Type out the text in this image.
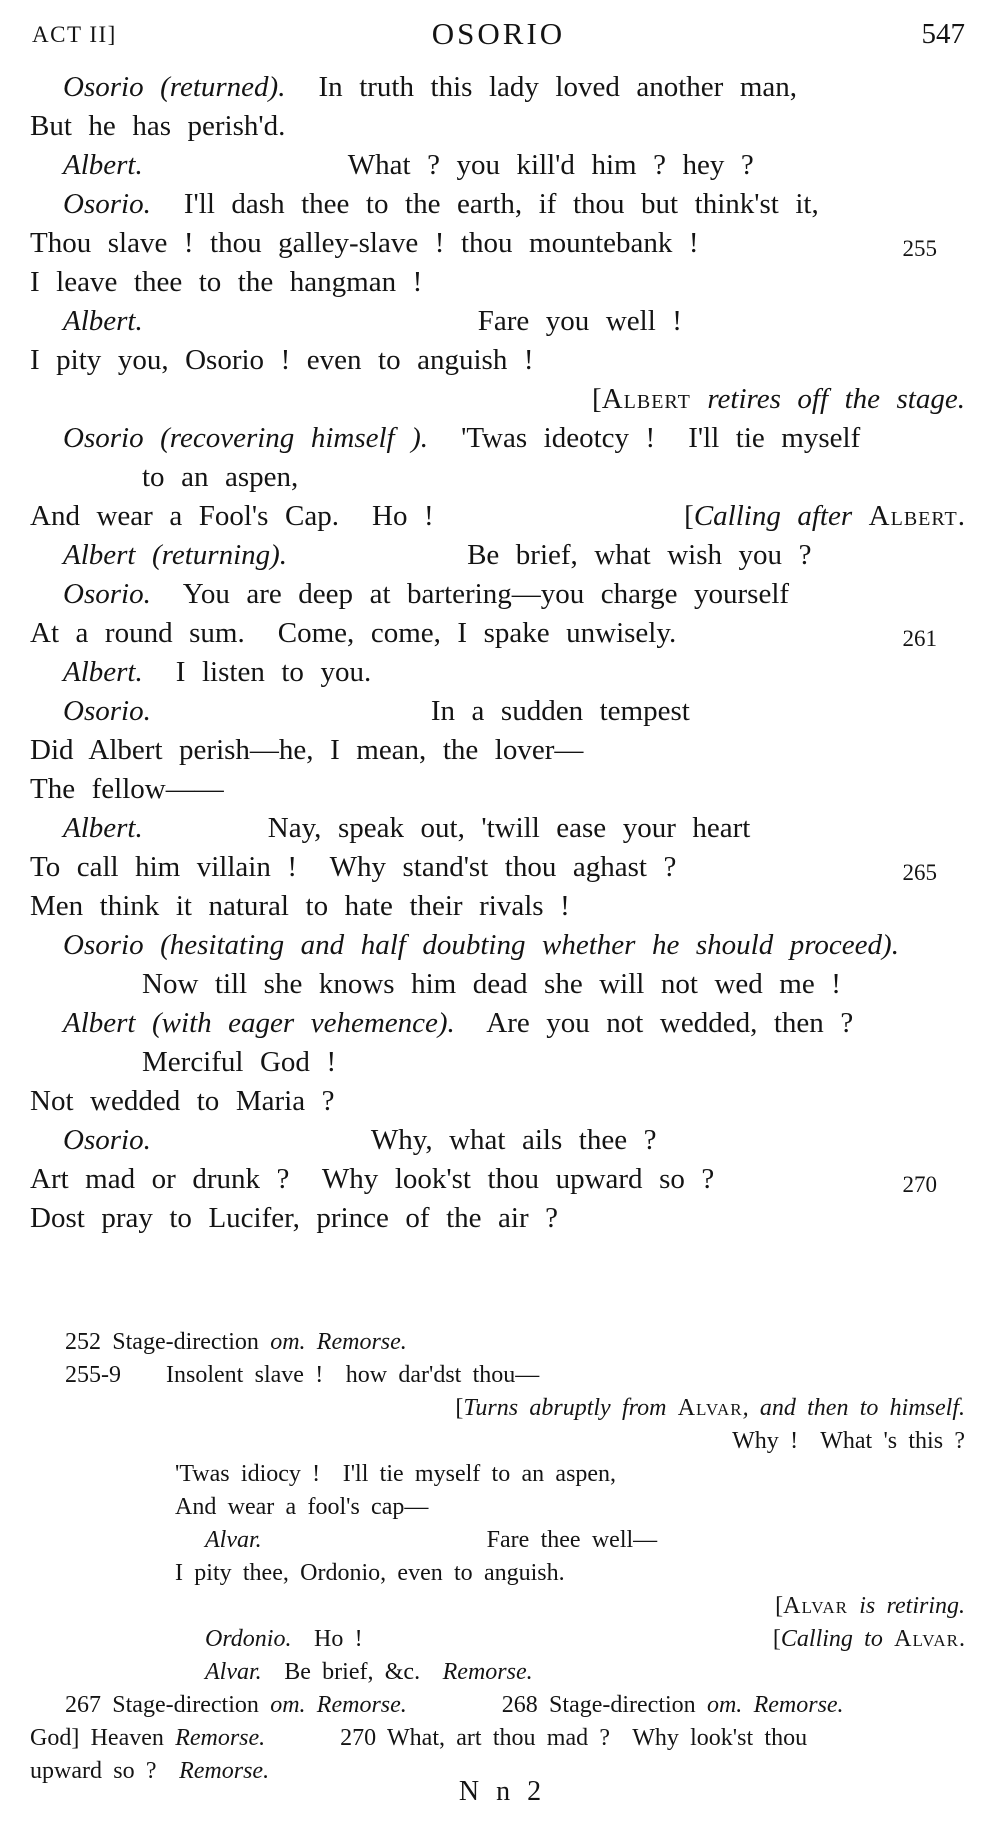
ACT II]	OSORIO	547
Osorio (returned).  In truth this lady loved another man,
But he has perish'd.
Albert.	What ? you kill'd him ? hey ?
Osorio.  I'll dash thee to the earth, if thou but think'st it,
Thou slave ! thou galley-slave ! thou mountebank !	255
I leave thee to the hangman !
Albert.	Fare you well !
I pity you, Osorio ! even to anguish !
[Albert retires off the stage.
Osorio (recovering himself ).  'Twas ideotcy !  I'll tie myself
to an aspen,
[Calling after Albert.
And wear a Fool's Cap.  Ho !
Albert (returning).	Be brief, what wish you ?
Osorio.  You are deep at bartering—you charge yourself
At a round sum.  Come, come, I spake unwisely.	261
Albert.  I listen to you.
Osorio.	In a sudden tempest
Did Albert perish—he, I mean, the lover—
The fellow——
Albert.	Nay, speak out, 'twill ease your heart
To call him villain !  Why stand'st thou aghast ?	265
Men think it natural to hate their rivals !
Osorio (hesitating and half doubting whether he should proceed).
Now till she knows him dead she will not wed me !
Albert (with eager vehemence).  Are you not wedded, then ?
Merciful God !
Not wedded to Maria ?
Osorio.	Why, what ails thee ?
Art mad or drunk ?  Why look'st thou upward so ?	270
Dost pray to Lucifer, prince of the air ?
252 Stage-direction om. Remorse.
255-9 Insolent slave !  how dar'dst thou—
[Turns abruptly from Alvar, and then to himself.
Why !  What 's this ?
'Twas idiocy !  I'll tie myself to an aspen,
And wear a fool's cap—
Alvar.	Fare thee well—
I pity thee, Ordonio, even to anguish.
[Alvar is retiring.
[Calling to Alvar.
Ordonio.  Ho !
Alvar.  Be brief, &c.  Remorse.
267 Stage-direction om. Remorse.	268 Stage-direction om. Remorse.
God] Heaven Remorse.	270 What, art thou mad ?  Why look'st thou
upward so ?  Remorse.
N n 2
